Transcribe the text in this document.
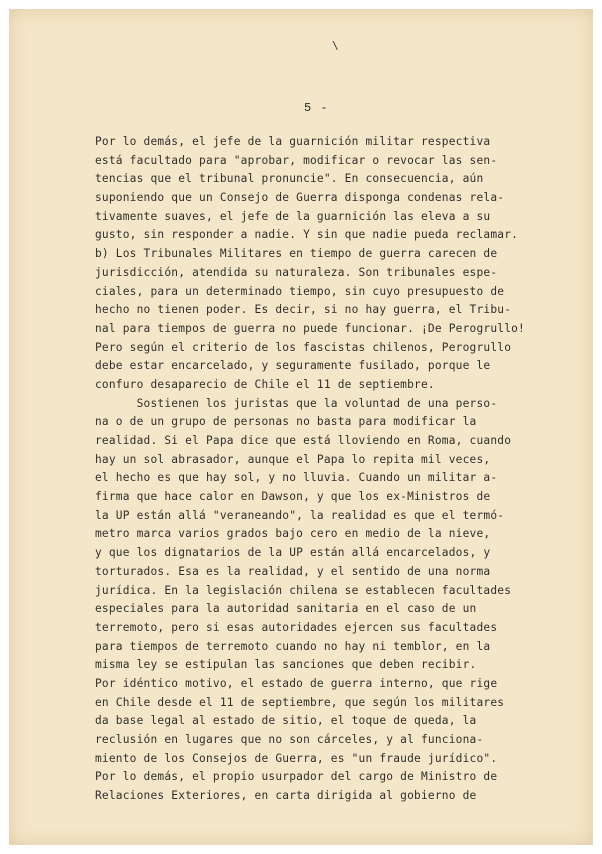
\
5 -
Por lo demás, el jefe de la guarnición militar respectiva
está facultado para "aprobar, modificar o revocar las sen-
tencias que el tribunal pronuncie". En consecuencia, aún
suponiendo que un Consejo de Guerra disponga condenas rela-
tivamente suaves, el jefe de la guarnición las eleva a su
gusto, sin responder a nadie. Y sin que nadie pueda reclamar.
b) Los Tribunales Militares en tiempo de guerra carecen de
jurisdicción, atendida su naturaleza. Son tribunales espe-
ciales, para un determinado tiempo, sin cuyo presupuesto de
hecho no tienen poder. Es decir, si no hay guerra, el Tribu-
nal para tiempos de guerra no puede funcionar. ¡De Perogrullo!
Pero según el criterio de los fascistas chilenos, Perogrullo
debe estar encarcelado, y seguramente fusilado, porque le
confuro desaparecio de Chile el 11 de septiembre.
Sostienen los juristas que la voluntad de una perso-
na o de un grupo de personas no basta para modificar la
realidad. Si el Papa dice que está lloviendo en Roma, cuando
hay un sol abrasador, aunque el Papa lo repita mil veces,
el hecho es que hay sol, y no lluvia. Cuando un militar a-
firma que hace calor en Dawson, y que los ex-Ministros de
la UP están allá "veraneando", la realidad es que el termó-
metro marca varios grados bajo cero en medio de la nieve,
y que los dignatarios de la UP están allá encarcelados, y
torturados. Esa es la realidad, y el sentido de una norma
jurídica. En la legislación chilena se establecen facultades
especiales para la autoridad sanitaria en el caso de un
terremoto, pero si esas autoridades ejercen sus facultades
para tiempos de terremoto cuando no hay ni temblor, en la
misma ley se estipulan las sanciones que deben recibir.
Por idéntico motivo, el estado de guerra interno, que rige
en Chile desde el 11 de septiembre, que según los militares
da base legal al estado de sitio, el toque de queda, la
reclusión en lugares que no son cárceles, y al funciona-
miento de los Consejos de Guerra, es "un fraude jurídico".
Por lo demás, el propio usurpador del cargo de Ministro de
Relaciones Exteriores, en carta dirigida al gobierno de
